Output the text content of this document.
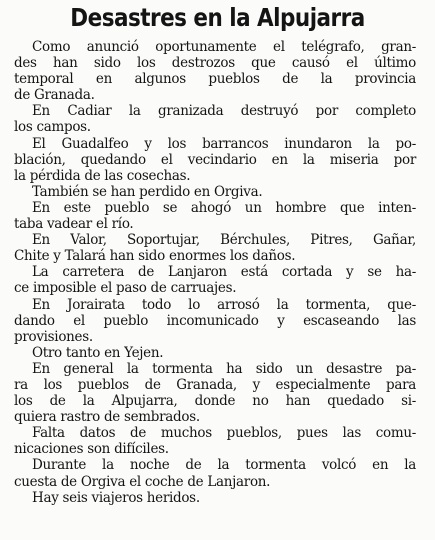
Desastres en la Alpujarra
Como anunció oportunamente el telégrafo, gran-
des han sido los destrozos que causó el último
temporal en algunos pueblos de la provincia
de Granada.
En Cadiar la granizada destruyó por completo
los campos.
El Guadalfeo y los barrancos inundaron la po-
blación, quedando el vecindario en la miseria por
la pérdida de las cosechas.
También se han perdido en Orgiva.
En este pueblo se ahogó un hombre que inten-
taba vadear el río.
En Valor, Soportujar, Bérchules, Pitres, Gañar,
Chite y Talará han sido enormes los daños.
La carretera de Lanjaron está cortada y se ha-
ce imposible el paso de carruajes.
En Jorairata todo lo arrosó la tormenta, que-
dando el pueblo incomunicado y escaseando las
provisiones.
Otro tanto en Yejen.
En general la tormenta ha sido un desastre pa-
ra los pueblos de Granada, y especialmente para
los de la Alpujarra, donde no han quedado si-
quiera rastro de sembrados.
Falta datos de muchos pueblos, pues las comu-
nicaciones son difíciles.
Durante la noche de la tormenta volcó en la
cuesta de Orgiva el coche de Lanjaron.
Hay seis viajeros heridos.
